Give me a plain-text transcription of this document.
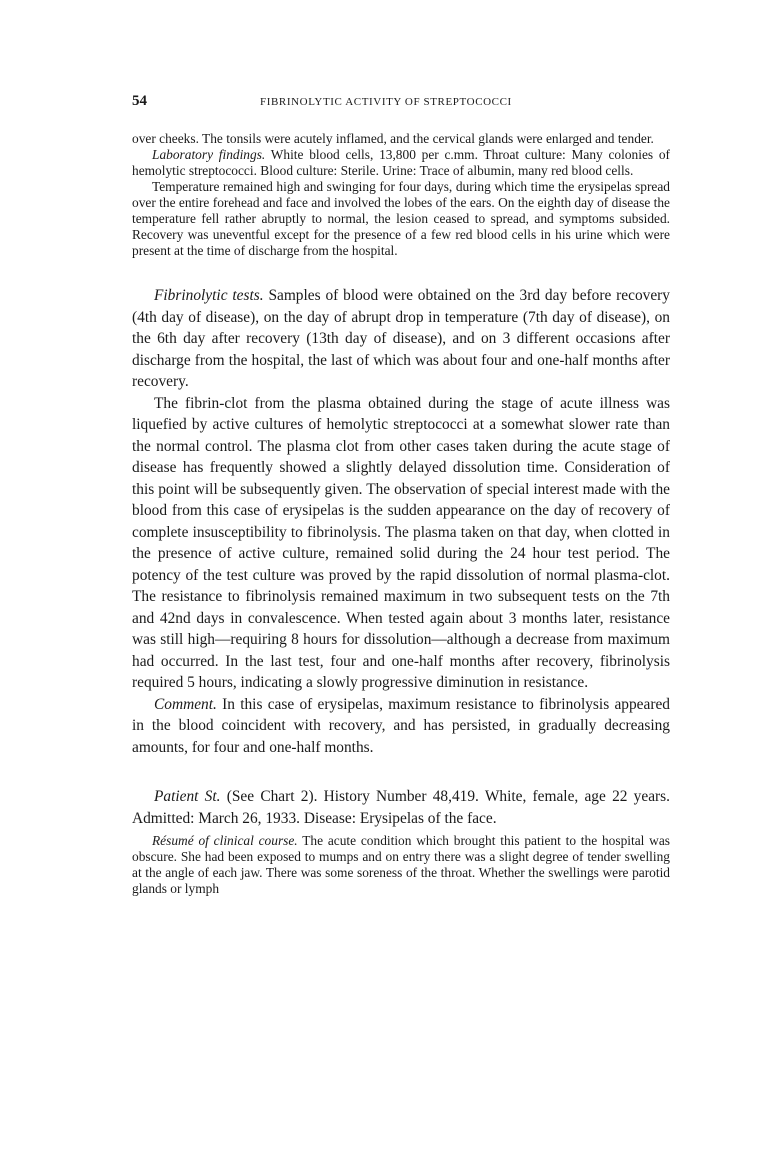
54	FIBRINOLYTIC ACTIVITY OF STREPTOCOCCI

over cheeks. The tonsils were acutely inflamed, and the cervical glands were enlarged and tender.

Laboratory findings. White blood cells, 13,800 per c.mm. Throat culture: Many colonies of hemolytic streptococci. Blood culture: Sterile. Urine: Trace of albumin, many red blood cells.

Temperature remained high and swinging for four days, during which time the erysipelas spread over the entire forehead and face and involved the lobes of the ears. On the eighth day of disease the temperature fell rather abruptly to normal, the lesion ceased to spread, and symptoms subsided. Recovery was uneventful except for the presence of a few red blood cells in his urine which were present at the time of discharge from the hospital.

Fibrinolytic tests. Samples of blood were obtained on the 3rd day before recovery (4th day of disease), on the day of abrupt drop in temperature (7th day of disease), on the 6th day after recovery (13th day of disease), and on 3 different occasions after discharge from the hospital, the last of which was about four and one-half months after recovery.

The fibrin-clot from the plasma obtained during the stage of acute illness was liquefied by active cultures of hemolytic streptococci at a somewhat slower rate than the normal control. The plasma clot from other cases taken during the acute stage of disease has frequently showed a slightly delayed dissolution time. Consideration of this point will be subsequently given. The observation of special interest made with the blood from this case of erysipelas is the sudden appearance on the day of recovery of complete insusceptibility to fibrinolysis. The plasma taken on that day, when clotted in the presence of active culture, remained solid during the 24 hour test period. The potency of the test culture was proved by the rapid dissolution of normal plasma-clot. The resistance to fibrinolysis remained maximum in two subsequent tests on the 7th and 42nd days in convalescence. When tested again about 3 months later, resistance was still high—requiring 8 hours for dissolution—although a decrease from maximum had occurred. In the last test, four and one-half months after recovery, fibrinolysis required 5 hours, indicating a slowly progressive diminution in resistance.

Comment. In this case of erysipelas, maximum resistance to fibrinolysis appeared in the blood coincident with recovery, and has persisted, in gradually decreasing amounts, for four and one-half months.

Patient St. (See Chart 2). History Number 48,419. White, female, age 22 years. Admitted: March 26, 1933. Disease: Erysipelas of the face.

Résumé of clinical course. The acute condition which brought this patient to the hospital was obscure. She had been exposed to mumps and on entry there was a slight degree of tender swelling at the angle of each jaw. There was some soreness of the throat. Whether the swellings were parotid glands or lymph
